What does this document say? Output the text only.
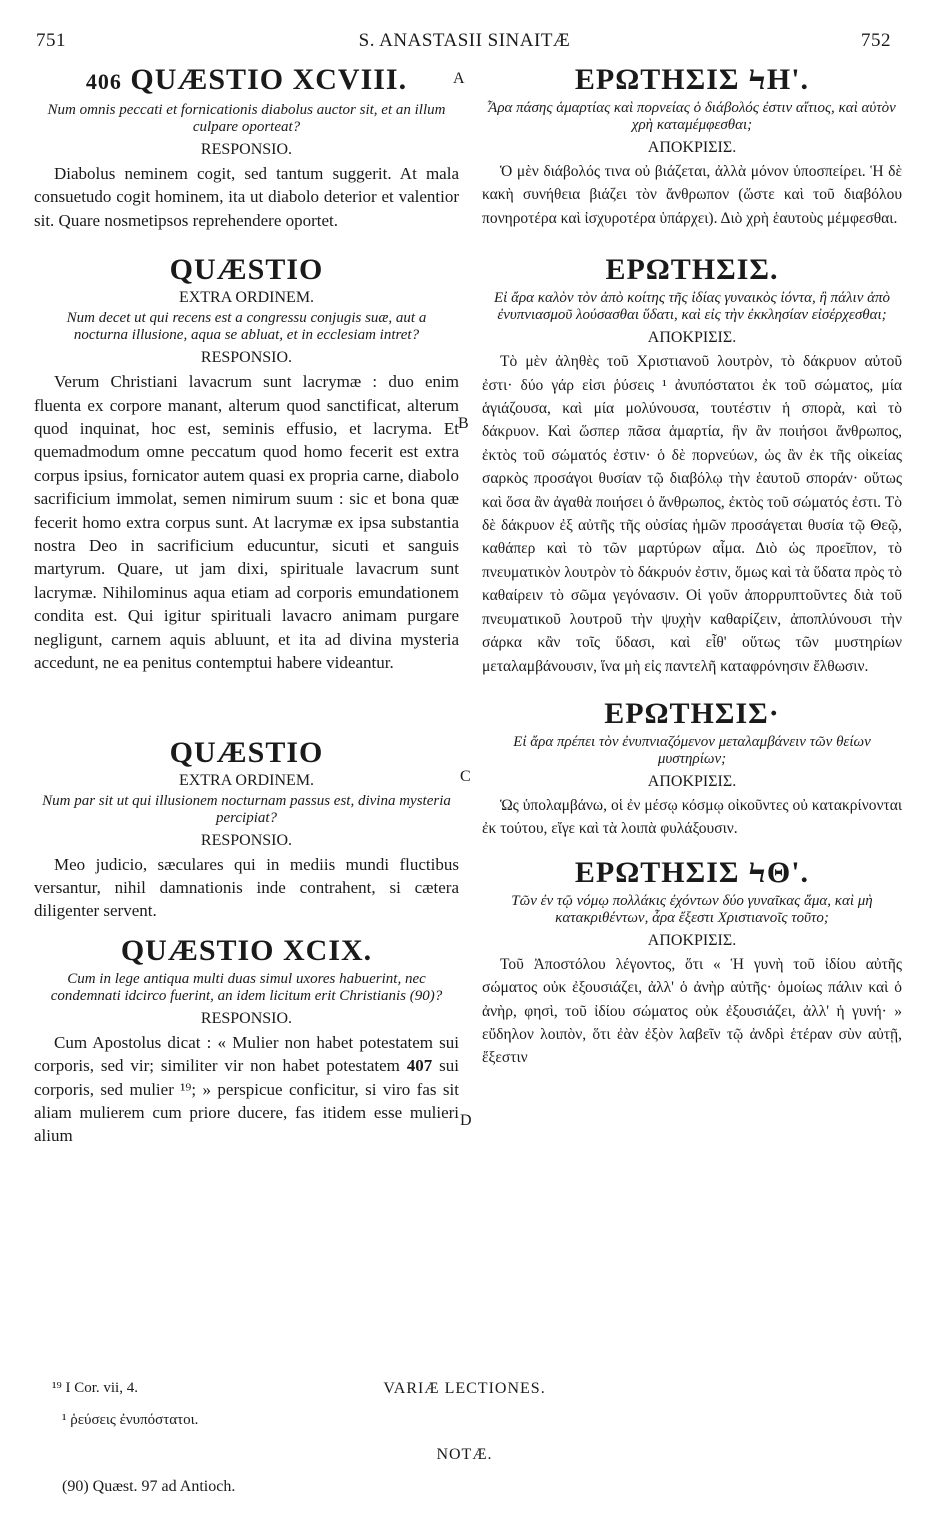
751	S. ANASTASII SINAITÆ	752
A
B
C
D
406 QUÆSTIO XCVIII.

Num omnis peccati et fornicationis diabolus auctor sit, et an illum culpare oporteat?

RESPONSIO.

Diabolus neminem cogit, sed tantum suggerit. At mala consuetudo cogit hominem, ita ut diabolo deterior et valentior sit. Quare nosmetipsos reprehendere oportet.

QUÆSTIO

EXTRA ORDINEM.

Num decet ut qui recens est a congressu conjugis suæ, aut a nocturna illusione, aqua se abluat, et in ecclesiam intret?

RESPONSIO.

Verum Christiani lavacrum sunt lacrymæ : duo enim fluenta ex corpore manant, alterum quod sanctificat, alterum quod inquinat, hoc est, seminis effusio, et lacryma. Et quemadmodum omne peccatum quod homo fecerit est extra corpus ipsius, fornicator autem quasi ex propria carne, diabolo sacrificium immolat, semen nimirum suum : sic et bona quæ fecerit homo extra corpus sunt. At lacrymæ ex ipsa substantia nostra Deo in sacrificium educuntur, sicuti et sanguis martyrum. Quare, ut jam dixi, spirituale lavacrum sunt lacrymæ. Nihilominus aqua etiam ad corporis emundationem condita est. Qui igitur spirituali lavacro animam purgare negligunt, carnem aquis abluunt, et ita ad divina mysteria accedunt, ne ea penitus contemptui habere videantur.

QUÆSTIO

EXTRA ORDINEM.

Num par sit ut qui illusionem nocturnam passus est, divina mysteria percipiat?

RESPONSIO.

Meo judicio, sæculares qui in mediis mundi fluctibus versantur, nihil damnationis inde contrahent, si cætera diligenter servent.

QUÆSTIO XCIX.

Cum in lege antiqua multi duas simul uxores habuerint, nec condemnati idcirco fuerint, an idem licitum erit Christianis (90)?

RESPONSIO.

Cum Apostolus dicat : « Mulier non habet potestatem sui corporis, sed vir; similiter vir non habet potestatem 407 sui corporis, sed mulier ¹⁹; » perspicue conficitur, si viro fas sit aliam mulierem cum priore ducere, fas itidem esse mulieri alium

ΕΡΩΤΗΣΙΣ ϞΗ'.

Ἆρα πάσης ἁμαρτίας καὶ πορνείας ὁ διάβολός ἐστιν αἴτιος, καὶ αὐτὸν χρὴ καταμέμφεσθαι;

ΑΠΟΚΡΙΣΙΣ.

Ὁ μὲν διάβολός τινα οὐ βιάζεται, ἀλλὰ μόνον ὑποσπείρει. Ἡ δὲ κακὴ συνήθεια βιάζει τὸν ἄνθρωπον (ὥστε καὶ τοῦ διαβόλου πονηροτέρα καὶ ἰσχυροτέρα ὑπάρχει). Διὸ χρὴ ἑαυτοὺς μέμφεσθαι.

ΕΡΩΤΗΣΙΣ.

Εἰ ἄρα καλὸν τὸν ἀπὸ κοίτης τῆς ἰδίας γυναικὸς ἰόντα, ἢ πάλιν ἀπὸ ἐνυπνιασμοῦ λούσασθαι ὕδατι, καὶ εἰς τὴν ἐκκλησίαν εἰσέρχεσθαι;

ΑΠΟΚΡΙΣΙΣ.

Τὸ μὲν ἀληθὲς τοῦ Χριστιανοῦ λουτρὸν, τὸ δάκρυον αὐτοῦ ἐστι· δύο γάρ εἰσι ῥύσεις ¹ ἀνυπόστατοι ἐκ τοῦ σώματος, μία ἁγιάζουσα, καὶ μία μολύνουσα, τουτέστιν ἡ σπορὰ, καὶ τὸ δάκρυον. Καὶ ὥσπερ πᾶσα ἁμαρτία, ἣν ἂν ποιήσοι ἄνθρωπος, ἐκτὸς τοῦ σώματός ἐστιν· ὁ δὲ πορνεύων, ὡς ἂν ἐκ τῆς οἰκείας σαρκὸς προσάγοι θυσίαν τῷ διαβόλῳ τὴν ἑαυτοῦ σποράν· οὕτως καὶ ὅσα ἂν ἀγαθὰ ποιήσει ὁ ἄνθρωπος, ἐκτὸς τοῦ σώματός ἐστι. Τὸ δὲ δάκρυον ἐξ αὐτῆς τῆς οὐσίας ἡμῶν προσάγεται θυσία τῷ Θεῷ, καθάπερ καὶ τὸ τῶν μαρτύρων αἷμα. Διὸ ὡς προεῖπον, τὸ πνευματικὸν λουτρὸν τὸ δάκρυόν ἐστιν, ὅμως καὶ τὰ ὕδατα πρὸς τὸ καθαίρειν τὸ σῶμα γεγόνασιν. Οἱ γοῦν ἀπορρυπτοῦντες διὰ τοῦ πνευματικοῦ λουτροῦ τὴν ψυχὴν καθαρίζειν, ἀποπλύνουσι τὴν σάρκα κἂν τοῖς ὕδασι, καὶ εἶθ' οὕτως τῶν μυστηρίων μεταλαμβάνουσιν, ἵνα μὴ εἰς παντελῆ καταφρόνησιν ἔλθωσιν.

ΕΡΩΤΗΣΙΣ·

Εἰ ἄρα πρέπει τὸν ἐνυπνιαζόμενον μεταλαμβάνειν τῶν θείων μυστηρίων;

ΑΠΟΚΡΙΣΙΣ.

Ὡς ὑπολαμβάνω, οἱ ἐν μέσῳ κόσμῳ οἰκοῦντες οὐ κατακρίνονται ἐκ τούτου, εἴγε καὶ τὰ λοιπὰ φυλάξουσιν.

ΕΡΩΤΗΣΙΣ ϞΘ'.

Τῶν ἐν τῷ νόμῳ πολλάκις ἐχόντων δύο γυναῖκας ἅμα, καὶ μὴ κατακριθέντων, ἆρα ἔξεστι Χριστιανοῖς τοῦτο;

ΑΠΟΚΡΙΣΙΣ.

Τοῦ Ἀποστόλου λέγοντος, ὅτι « Ἡ γυνὴ τοῦ ἰδίου αὐτῆς σώματος οὐκ ἐξουσιάζει, ἀλλ' ὁ ἀνὴρ αὐτῆς· ὁμοίως πάλιν καὶ ὁ ἀνὴρ, φησὶ, τοῦ ἰδίου σώματος οὐκ ἐξουσιάζει, ἀλλ' ἡ γυνή· » εὔδηλον λοιπὸν, ὅτι ἐὰν ἐξὸν λαβεῖν τῷ ἀνδρὶ ἑτέραν σὺν αὐτῇ, ἔξεστιν

¹⁹ I Cor. vii, 4.	VARIÆ LECTIONES.
¹ ῥεύσεις ἐνυπόστατοι.
NOTÆ.
(90) Quæst. 97 ad Antioch.
